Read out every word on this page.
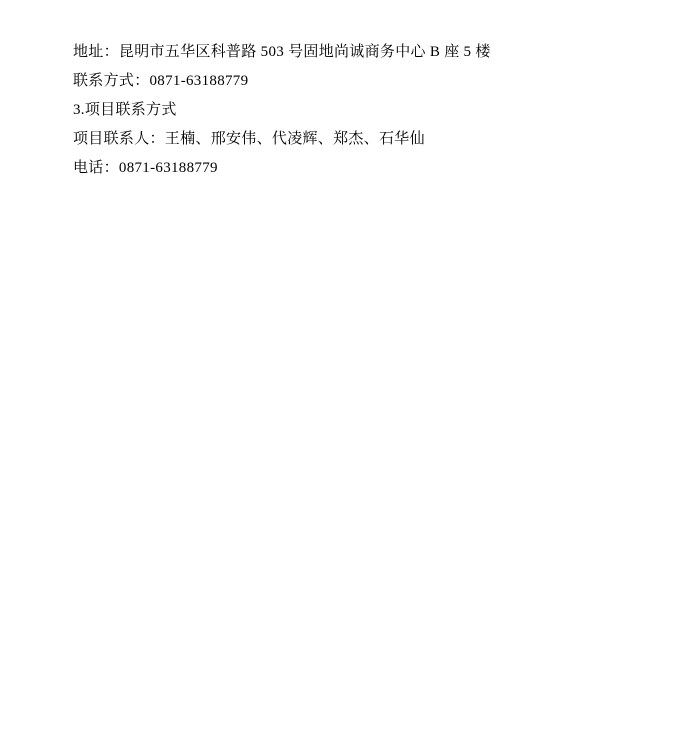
地址：昆明市五华区科普路 503 号固地尚诚商务中心 B 座 5 楼

联系方式：0871-63188779

3.项目联系方式

项目联系人：王楠、邢安伟、代凌辉、郑杰、石华仙

电话：0871-63188779
